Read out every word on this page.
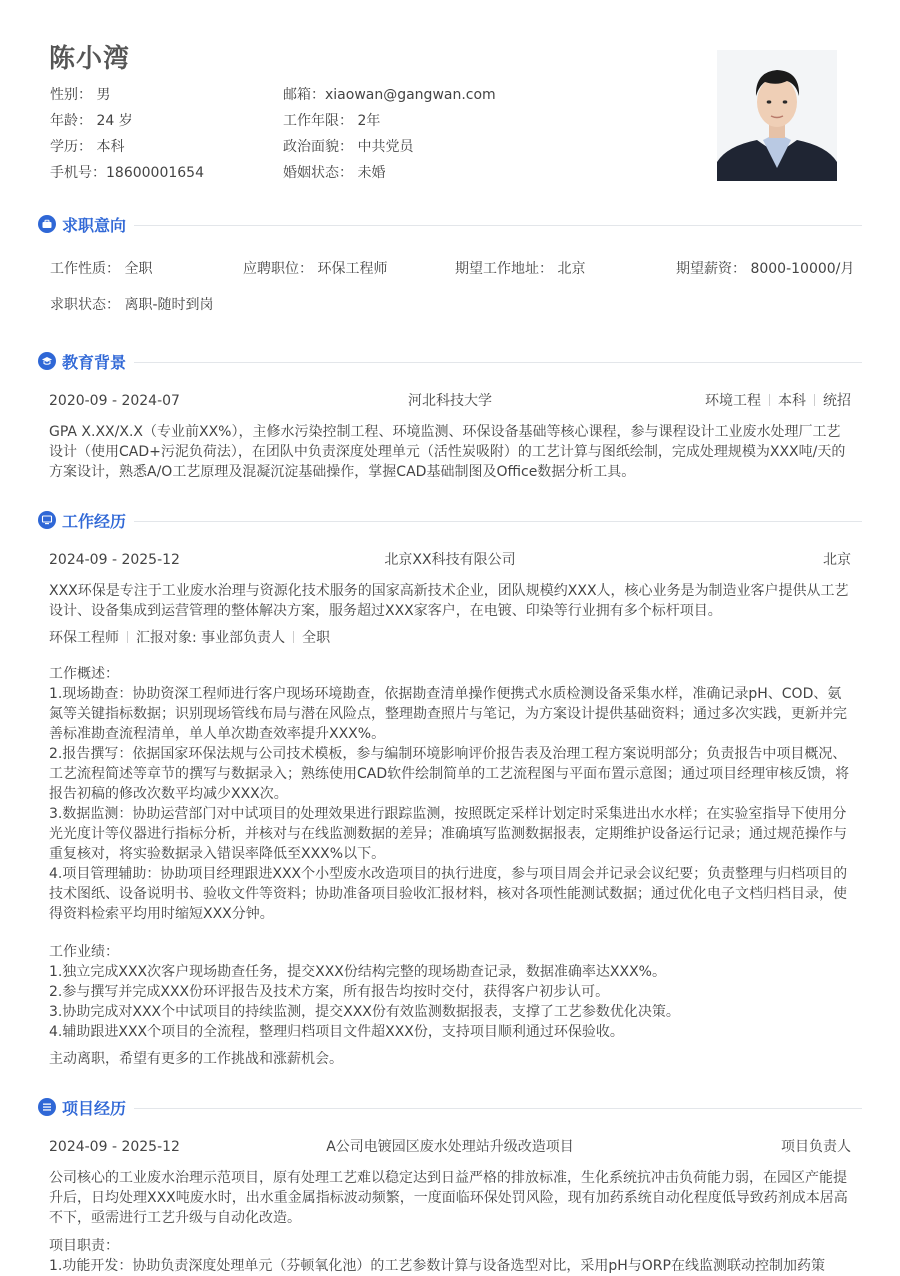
陈小湾
性别： 男	邮箱：xiaowan@gangwan.com
年龄： 24 岁	工作年限： 2年
学历： 本科	政治面貌： 中共党员
手机号：18600001654	婚姻状态： 未婚
求职意向
工作性质： 全职	应聘职位： 环保工程师	期望工作地址： 北京	期望薪资： 8000-10000/月
求职状态： 离职-随时到岗
教育背景
2020-09 - 2024-07	河北科技大学	环境工程 本科 统招

GPA X.XX/X.X（专业前XX%），主修水污染控制工程、环境监测、环保设备基础等核心课程，参与课程设计工业废水处理厂工艺设计（使用CAD+污泥负荷法），在团队中负责深度处理单元（活性炭吸附）的工艺计算与图纸绘制，完成处理规模为XXX吨/天的方案设计，熟悉A/O工艺原理及混凝沉淀基础操作，掌握CAD基础制图及Office数据分析工具。

工作经历
2024-09 - 2025-12	北京XX科技有限公司	北京

XXX环保是专注于工业废水治理与资源化技术服务的国家高新技术企业，团队规模约XXX人，核心业务是为制造业客户提供从工艺设计、设备集成到运营管理的整体解决方案，服务超过XXX家客户，在电镀、印染等行业拥有多个标杆项目。

环保工程师 汇报对象: 事业部负责人 全职

工作概述：

1.现场勘查：协助资深工程师进行客户现场环境勘查，依据勘查清单操作便携式水质检测设备采集水样，准确记录pH、COD、氨氮等关键指标数据；识别现场管线布局与潜在风险点，整理勘查照片与笔记，为方案设计提供基础资料；通过多次实践，更新并完善标准勘查流程清单，单人单次勘查效率提升XXX%。

2.报告撰写：依据国家环保法规与公司技术模板，参与编制环境影响评价报告表及治理工程方案说明部分；负责报告中项目概况、工艺流程简述等章节的撰写与数据录入；熟练使用CAD软件绘制简单的工艺流程图与平面布置示意图；通过项目经理审核反馈，将报告初稿的修改次数平均减少XXX次。

3.数据监测：协助运营部门对中试项目的处理效果进行跟踪监测，按照既定采样计划定时采集进出水水样；在实验室指导下使用分光光度计等仪器进行指标分析，并核对与在线监测数据的差异；准确填写监测数据报表，定期维护设备运行记录；通过规范操作与重复核对，将实验数据录入错误率降低至XXX%以下。

4.项目管理辅助：协助项目经理跟进XXX个小型废水改造项目的执行进度，参与项目周会并记录会议纪要；负责整理与归档项目的技术图纸、设备说明书、验收文件等资料；协助准备项目验收汇报材料，核对各项性能测试数据；通过优化电子文档归档目录，使得资料检索平均用时缩短XXX分钟。

工作业绩：

1.独立完成XXX次客户现场勘查任务，提交XXX份结构完整的现场勘查记录，数据准确率达XXX%。

2.参与撰写并完成XXX份环评报告及技术方案，所有报告均按时交付，获得客户初步认可。

3.协助完成对XXX个中试项目的持续监测，提交XXX份有效监测数据报表，支撑了工艺参数优化决策。

4.辅助跟进XXX个项目的全流程，整理归档项目文件超XXX份，支持项目顺利通过环保验收。

主动离职，希望有更多的工作挑战和涨薪机会。

项目经历
2024-09 - 2025-12	A公司电镀园区废水处理站升级改造项目	项目负责人

公司核心的工业废水治理示范项目，原有处理工艺难以稳定达到日益严格的排放标准，生化系统抗冲击负荷能力弱，在园区产能提升后，日均处理XXX吨废水时，出水重金属指标波动频繁，一度面临环保处罚风险，现有加药系统自动化程度低导致药剂成本居高不下，亟需进行工艺升级与自动化改造。

项目职责：

1.功能开发：协助负责深度处理单元（芬顿氧化池）的工艺参数计算与设备选型对比，采用pH与ORP在线监测联动控制加药策
